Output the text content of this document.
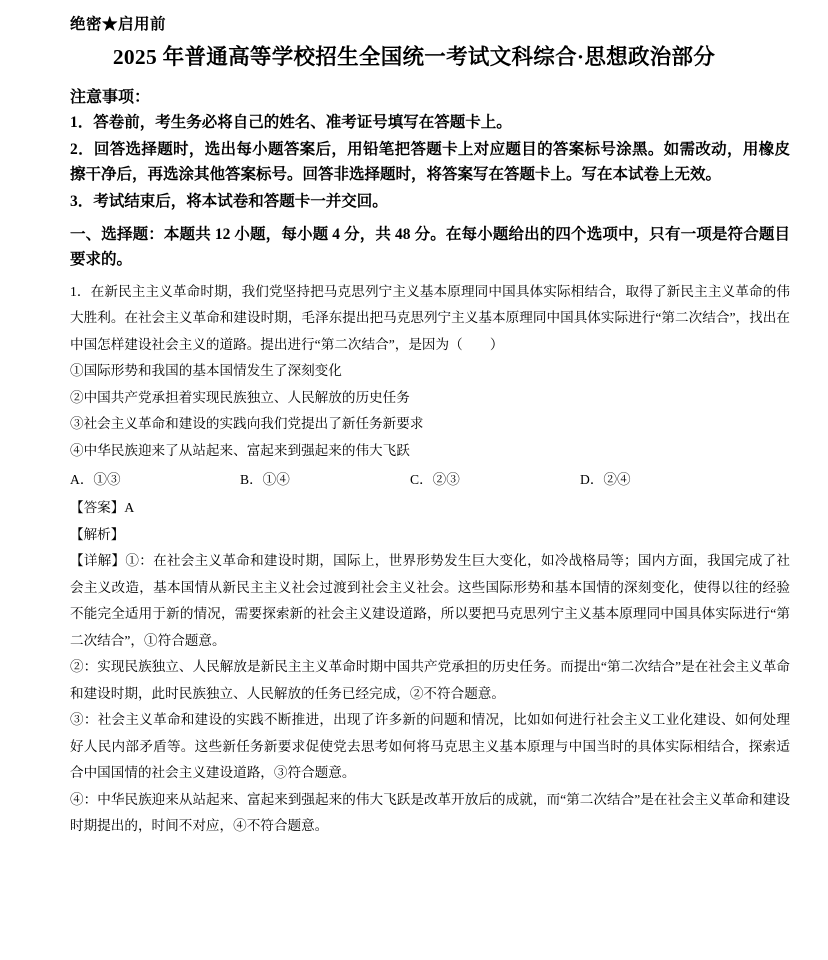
绝密★启用前
2025 年普通高等学校招生全国统一考试文科综合·思想政治部分
注意事项：

1．答卷前，考生务必将自己的姓名、准考证号填写在答题卡上。

2．回答选择题时，选出每小题答案后，用铅笔把答题卡上对应题目的答案标号涂黑。如需改动，用橡皮擦干净后，再选涂其他答案标号。回答非选择题时，将答案写在答题卡上。写在本试卷上无效。

3．考试结束后，将本试卷和答题卡一并交回。

一、选择题：本题共 12 小题，每小题 4 分，共 48 分。在每小题给出的四个选项中，只有一项是符合题目要求的。

1．在新民主主义革命时期，我们党坚持把马克思列宁主义基本原理同中国具体实际相结合，取得了新民主主义革命的伟大胜利。在社会主义革命和建设时期，毛泽东提出把马克思列宁主义基本原理同中国具体实际进行“第二次结合”，找出在中国怎样建设社会主义的道路。提出进行“第二次结合”，是因为（　　）

①国际形势和我国的基本国情发生了深刻变化

②中国共产党承担着实现民族独立、人民解放的历史任务

③社会主义革命和建设的实践向我们党提出了新任务新要求

④中华民族迎来了从站起来、富起来到强起来的伟大飞跃

A．①③	B．①④	C．②③	D．②④

【答案】A

【解析】

【详解】①：在社会主义革命和建设时期，国际上，世界形势发生巨大变化，如冷战格局等；国内方面，我国完成了社会主义改造，基本国情从新民主主义社会过渡到社会主义社会。这些国际形势和基本国情的深刻变化，使得以往的经验不能完全适用于新的情况，需要探索新的社会主义建设道路，所以要把马克思列宁主义基本原理同中国具体实际进行“第二次结合”，①符合题意。

②：实现民族独立、人民解放是新民主主义革命时期中国共产党承担的历史任务。而提出“第二次结合”是在社会主义革命和建设时期，此时民族独立、人民解放的任务已经完成，②不符合题意。

③：社会主义革命和建设的实践不断推进，出现了许多新的问题和情况，比如如何进行社会主义工业化建设、如何处理好人民内部矛盾等。这些新任务新要求促使党去思考如何将马克思主义基本原理与中国当时的具体实际相结合，探索适合中国国情的社会主义建设道路，③符合题意。

④：中华民族迎来从站起来、富起来到强起来的伟大飞跃是改革开放后的成就，而“第二次结合”是在社会主义革命和建设时期提出的，时间不对应，④不符合题意。
